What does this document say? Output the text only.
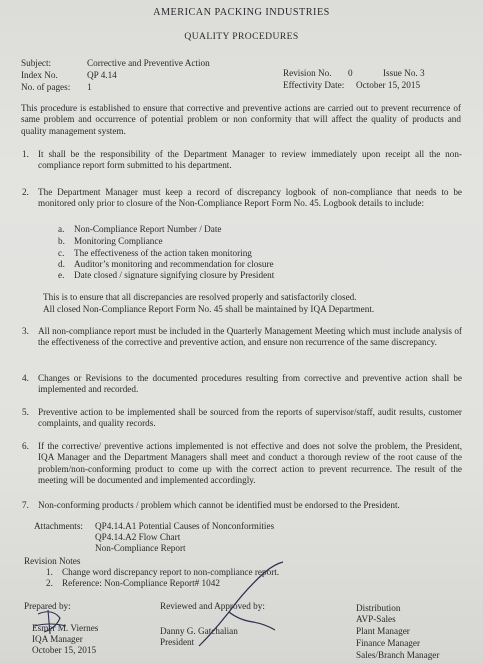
AMERICAN PACKING INDUSTRIES
QUALITY PROCEDURES
Subject:	Corrective and Preventive Action
Index No.	QP 4.14
No. of pages: 1
Revision No. 0	Issue No. 3
Effectivity Date: October 15, 2015
This procedure is established to ensure that corrective and preventive actions are carried out to prevent recurrence of same problem and occurrence of potential problem or non conformity that will affect the quality of products and quality management system.
1. It shall be the responsibility of the Department Manager to review immediately upon receipt all the non-compliance report form submitted to his department.
2. The Department Manager must keep a record of discrepancy logbook of non-compliance that needs to be monitored only prior to closure of the Non-Compliance Report Form No. 45. Logbook details to include:
a. Non-Compliance Report Number / Date
b. Monitoring Compliance
c. The effectiveness of the action taken monitoring
d. Auditor’s monitoring and recommendation for closure
e. Date closed / signature signifying closure by President
This is to ensure that all discrepancies are resolved properly and satisfactorily closed.
All closed Non-Compliance Report Form No. 45 shall be maintained by IQA Department.
3. All non-compliance report must be included in the Quarterly Management Meeting which must include analysis of the effectiveness of the corrective and preventive action, and ensure non recurrence of the same discrepancy.
4. Changes or Revisions to the documented procedures resulting from corrective and preventive action shall be implemented and recorded.
5. Preventive action to be implemented shall be sourced from the reports of supervisor/staff, audit results, customer complaints, and quality records.
6. If the corrective/ preventive actions implemented is not effective and does not solve the problem, the President, IQA Manager and the Department Managers shall meet and conduct a thorough review of the root cause of the problem/non-conforming product to come up with the correct action to prevent recurrence. The result of the meeting will be documented and implemented accordingly.
7. Non-conforming products / problem which cannot be identified must be endorsed to the President.
Attachments: QP4.14.A1 Potential Causes of Nonconformities
QP4.14.A2 Flow Chart
Non-Compliance Report
Revision Notes
1. Change word discrepancy report to non-compliance report.
2. Reference: Non-Compliance Report# 1042
Prepared by:
Esmer M. Viernes
IQA Manager
October 15, 2015
Reviewed and Approved by:
Danny G. Gatchalian
President
Distribution
AVP-Sales
Plant Manager
Finance Manager
Sales/Branch Manager
